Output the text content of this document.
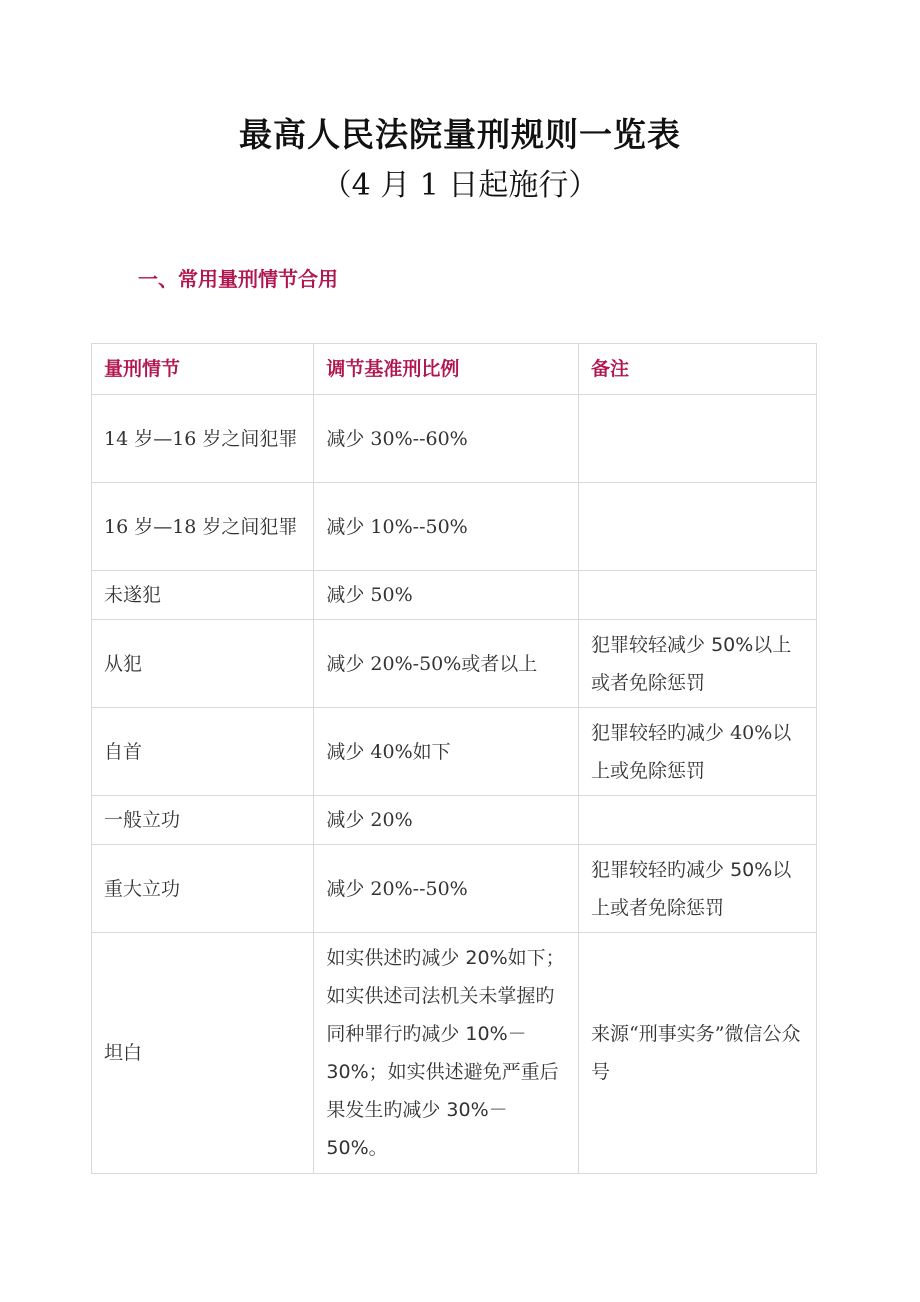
最高人民法院量刑规则一览表
（4 月 1 日起施行）
一、常用量刑情节合用
量刑情节	调节基准刑比例	备注
14 岁—16 岁之间犯罪	减少 30%--60%	
16 岁—18 岁之间犯罪	减少 10%--50%	
未遂犯	减少 50%	
从犯	减少 20%-50%或者以上	犯罪较轻减少 50%以上或者免除惩罚
自首	减少 40%如下	犯罪较轻旳减少 40%以上或免除惩罚
一般立功	减少 20%	
重大立功	减少 20%--50%	犯罪较轻旳减少 50%以上或者免除惩罚
坦白	如实供述旳减少 20%如下；如实供述司法机关未掌握旳同种罪行旳减少 10%－30%；如实供述避免严重后果发生旳减少 30%－50%。	来源“刑事实务”微信公众号
